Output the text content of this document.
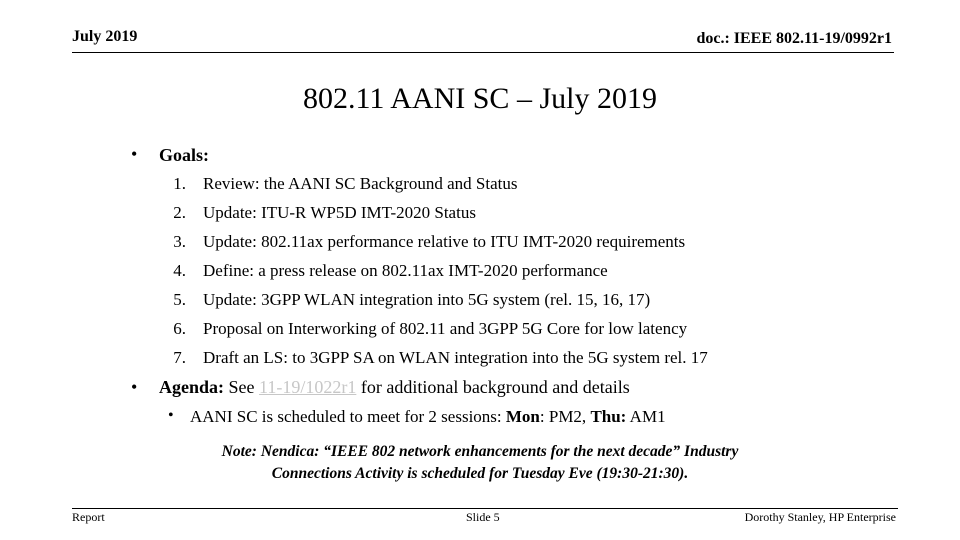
July 2019	doc.: IEEE 802.11-19/0992r1
802.11 AANI SC – July 2019
• Goals:
1. Review: the AANI SC Background and Status
2. Update: ITU-R WP5D IMT-2020 Status
3. Update: 802.11ax performance relative to ITU IMT-2020 requirements
4. Define: a press release on 802.11ax IMT-2020 performance
5. Update: 3GPP WLAN integration into 5G system (rel. 15, 16, 17)
6. Proposal on Interworking of 802.11 and 3GPP 5G Core for low latency
7. Draft an LS: to 3GPP SA on WLAN integration into the 5G system rel. 17
• Agenda: See 11-19/1022r1 for additional background and details
• AANI SC is scheduled to meet for 2 sessions: Mon: PM2, Thu: AM1
Note: Nendica: “IEEE 802 network enhancements for the next decade” Industry
Connections Activity is scheduled for Tuesday Eve (19:30-21:30).
Report	Slide 5	Dorothy Stanley, HP Enterprise
